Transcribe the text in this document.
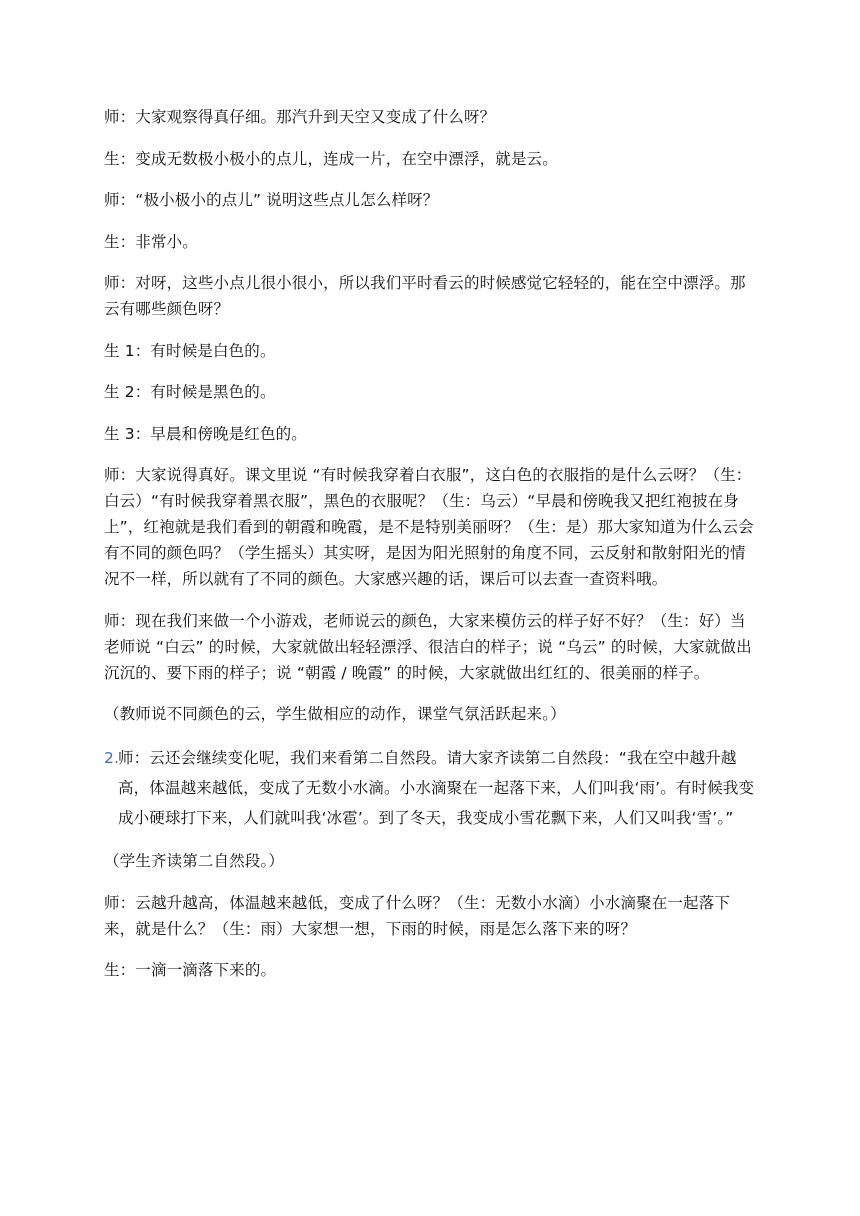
师：大家观察得真仔细。那汽升到天空又变成了什么呀？

生：变成无数极小极小的点儿，连成一片，在空中漂浮，就是云。

师：“极小极小的点儿” 说明这些点儿怎么样呀？

生：非常小。

师：对呀，这些小点儿很小很小，所以我们平时看云的时候感觉它轻轻的，能在空中漂浮。那云有哪些颜色呀？

生 1：有时候是白色的。

生 2：有时候是黑色的。

生 3：早晨和傍晚是红色的。

师：大家说得真好。课文里说 “有时候我穿着白衣服”，这白色的衣服指的是什么云呀？（生：白云）“有时候我穿着黑衣服”，黑色的衣服呢？（生：乌云）“早晨和傍晚我又把红袍披在身上”，红袍就是我们看到的朝霞和晚霞，是不是特别美丽呀？（生：是）那大家知道为什么云会有不同的颜色吗？（学生摇头）其实呀，是因为阳光照射的角度不同，云反射和散射阳光的情况不一样，所以就有了不同的颜色。大家感兴趣的话，课后可以去查一查资料哦。

师：现在我们来做一个小游戏，老师说云的颜色，大家来模仿云的样子好不好？（生：好）当老师说 “白云” 的时候，大家就做出轻轻漂浮、很洁白的样子；说 “乌云” 的时候，大家就做出沉沉的、要下雨的样子；说 “朝霞 / 晚霞” 的时候，大家就做出红红的、很美丽的样子。

（教师说不同颜色的云，学生做相应的动作，课堂气氛活跃起来。）

2.
师：云还会继续变化呢，我们来看第二自然段。请大家齐读第二自然段：“我在空中越升越高，体温越来越低，变成了无数小水滴。小水滴聚在一起落下来，人们叫我‘雨’。有时候我变成小硬球打下来，人们就叫我‘冰雹’。到了冬天，我变成小雪花飘下来，人们又叫我‘雪’。”

（学生齐读第二自然段。）

师：云越升越高，体温越来越低，变成了什么呀？（生：无数小水滴）小水滴聚在一起落下来，就是什么？（生：雨）大家想一想，下雨的时候，雨是怎么落下来的呀？

生：一滴一滴落下来的。
